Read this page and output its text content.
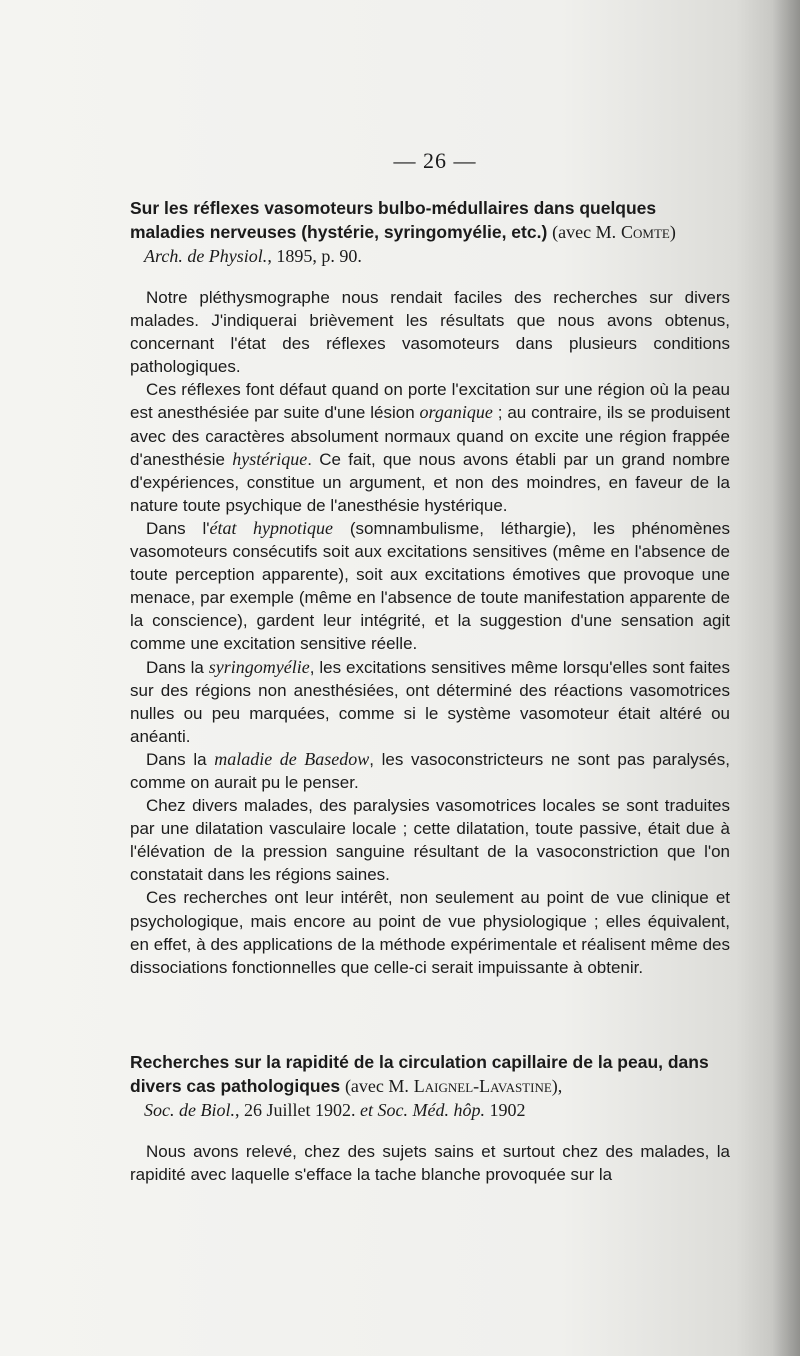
— 26 —

Sur les réflexes vasomoteurs bulbo-médullaires dans quelques maladies nerveuses (hystérie, syringomyélie, etc.) (avec M. Comte)

Arch. de Physiol., 1895, p. 90.

Notre pléthysmographe nous rendait faciles des recherches sur divers malades. J'indiquerai brièvement les résultats que nous avons obtenus, concernant l'état des réflexes vasomoteurs dans plusieurs conditions pathologiques.

Ces réflexes font défaut quand on porte l'excitation sur une région où la peau est anesthésiée par suite d'une lésion organique ; au contraire, ils se produisent avec des caractères absolument normaux quand on excite une région frappée d'anesthésie hystérique. Ce fait, que nous avons établi par un grand nombre d'expériences, constitue un argument, et non des moindres, en faveur de la nature toute psychique de l'anesthésie hystérique.

Dans l'état hypnotique (somnambulisme, léthargie), les phénomènes vasomoteurs consécutifs soit aux excitations sensitives (même en l'absence de toute perception apparente), soit aux excitations émotives que provoque une menace, par exemple (même en l'absence de toute manifestation apparente de la conscience), gardent leur intégrité, et la suggestion d'une sensation agit comme une excitation sensitive réelle.

Dans la syringomyélie, les excitations sensitives même lorsqu'elles sont faites sur des régions non anesthésiées, ont déterminé des réactions vasomotrices nulles ou peu marquées, comme si le système vasomoteur était altéré ou anéanti.

Dans la maladie de Basedow, les vasoconstricteurs ne sont pas paralysés, comme on aurait pu le penser.

Chez divers malades, des paralysies vasomotrices locales se sont traduites par une dilatation vasculaire locale ; cette dilatation, toute passive, était due à l'élévation de la pression sanguine résultant de la vasoconstriction que l'on constatait dans les régions saines.

Ces recherches ont leur intérêt, non seulement au point de vue clinique et psychologique, mais encore au point de vue physiologique ; elles équivalent, en effet, à des applications de la méthode expérimentale et réalisent même des dissociations fonctionnelles que celle-ci serait impuissante à obtenir.

Recherches sur la rapidité de la circulation capillaire de la peau, dans divers cas pathologiques (avec M. Laignel-Lavastine),

Soc. de Biol., 26 Juillet 1902. et Soc. Méd. hôp. 1902

Nous avons relevé, chez des sujets sains et surtout chez des malades, la rapidité avec laquelle s'efface la tache blanche provoquée sur la
